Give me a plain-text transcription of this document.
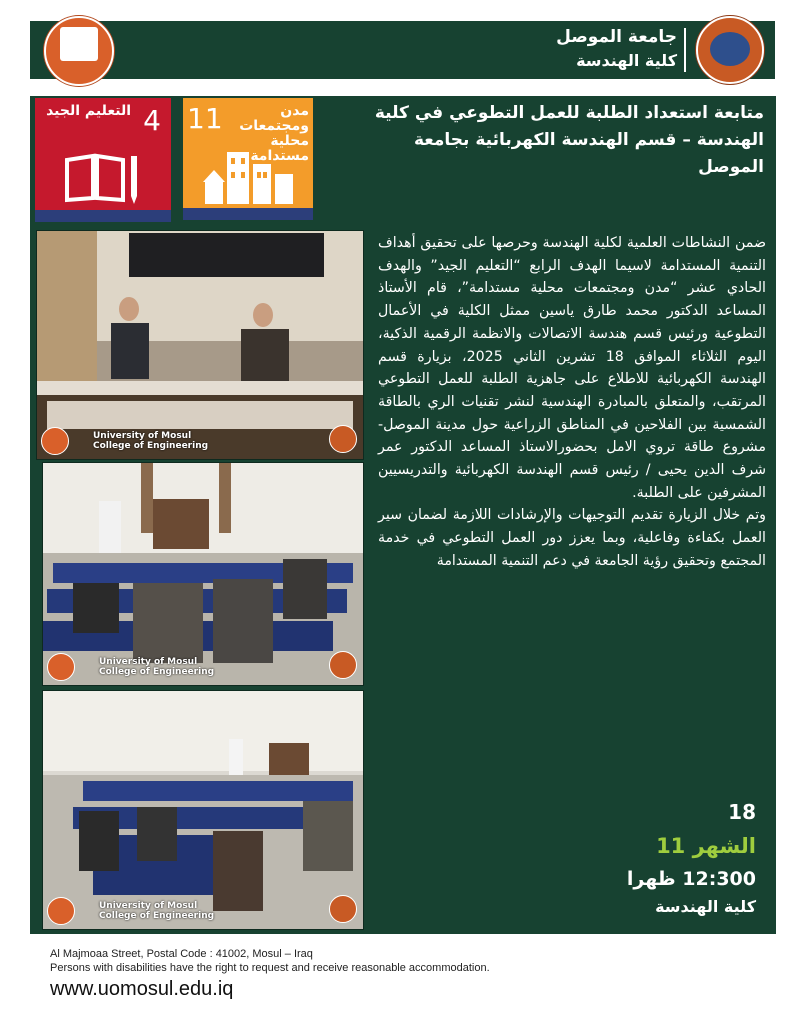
جامعة الموصل
كلية الهندسة
4
التعليم الجيد 11	مدن ومجتمعات محلية مستدامة
متابعة استعداد الطلبة للعمل التطوعي في كلية الهندسة – قسم الهندسة الكهربائية بجامعة الموصل
University of Mosul
College of Engineering
University of Mosul
College of Engineering
University of Mosul
College of Engineering

ضمن النشاطات العلمية لكلية الهندسة وحرصها على تحقيق أهداف التنمية المستدامة لاسيما الهدف الرابع “التعليم الجيد” والهدف الحادي عشر “مدن ومجتمعات محلية مستدامة”، قام الأستاذ المساعد الدكتور محمد طارق ياسين ممثل الكلية في الأعمال التطوعية ورئيس قسم هندسة الاتصالات والانظمة الرقمية الذكية، اليوم الثلاثاء الموافق 18 تشرين الثاني 2025، بزيارة قسم الهندسة الكهربائية للاطلاع على جاهزية الطلبة للعمل التطوعي المرتقب، والمتعلق بالمبادرة الهندسية لنشر تقنيات الري بالطاقة الشمسية بين الفلاحين في المناطق الزراعية حول مدينة الموصل- مشروع طاقة تروي الامل بحضورالاستاذ المساعد الدكتور عمر شرف الدين يحيى / رئيس قسم الهندسة الكهربائية والتدريسيين المشرفين على الطلبة.

وتم خلال الزيارة تقديم التوجيهات والإرشادات اللازمة لضمان سير العمل بكفاءة وفاعلية، وبما يعزز دور العمل التطوعي في خدمة المجتمع وتحقيق رؤية الجامعة في دعم التنمية المستدامة

18
الشهر 11
12:300 ظهرا
كلية الهندسة
Al Majmoaa Street, Postal Code : 41002, Mosul – Iraq
Persons with disabilities have the right to request and receive reasonable accommodation.
www.uomosul.edu.iq
